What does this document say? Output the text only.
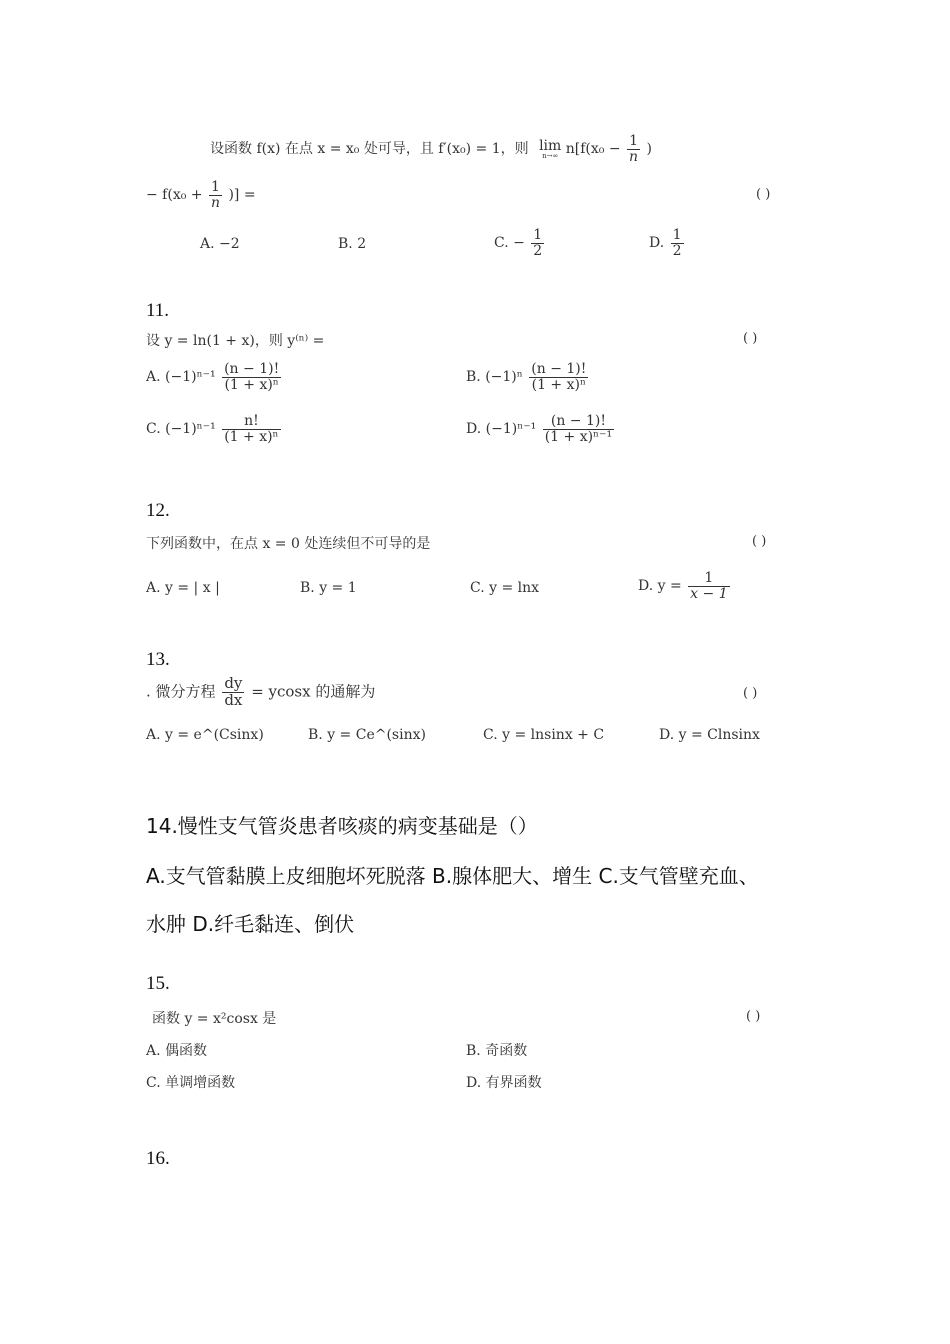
设函数 f(x) 在点 x = x₀ 处可导，且 f′(x₀) = 1，则 lim
n→∞ $n[f(x_0 - \frac{1}{n}$ )
− $f(x_0 + \frac{1}{n}$ )] =	( )
A. −2	B. 2	C. − $\frac{1}{2}$	D. $\frac{1}{2}$
11.
设 y = ln(1 + x)，则 y⁽ⁿ⁾ =	( )
A. $(-1)^{n-1} \frac{(n - 1)!}{\text{(1 + x)ⁿ}}$	B. $(-1)^n \frac{(n - 1)!}{\text{(1 + x)ⁿ}}$
C. $(-1)^{n-1} \frac{n!}{\text{(1 + x)ⁿ}}$	D. $(-1)^{n-1} \frac{(n - 1)!}{\text{(1 + x)ⁿ⁻¹}}$
12.
下列函数中，在点 x = 0 处连续但不可导的是	( )
A. y = | x |	B. y = 1	C. y = lnx	D. $y = \frac{1}{x - 1}$
13.
. 微分方程 $\frac{dy}{dx} = ycosx$ 的通解为	( )
A. y = e^(Csinx)	B. y = Ce^(sinx)	C. y = lnsinx + C	D. y = Clnsinx
14.慢性支气管炎患者咳痰的病变基础是（）
A.支气管黏膜上皮细胞坏死脱落 B.腺体肥大、增生 C.支气管壁充血、
水肿 D.纤毛黏连、倒伏
15.
函数 y = x²cosx 是	( )
A. 偶函数	B. 奇函数
C. 单调增函数	D. 有界函数
16.
